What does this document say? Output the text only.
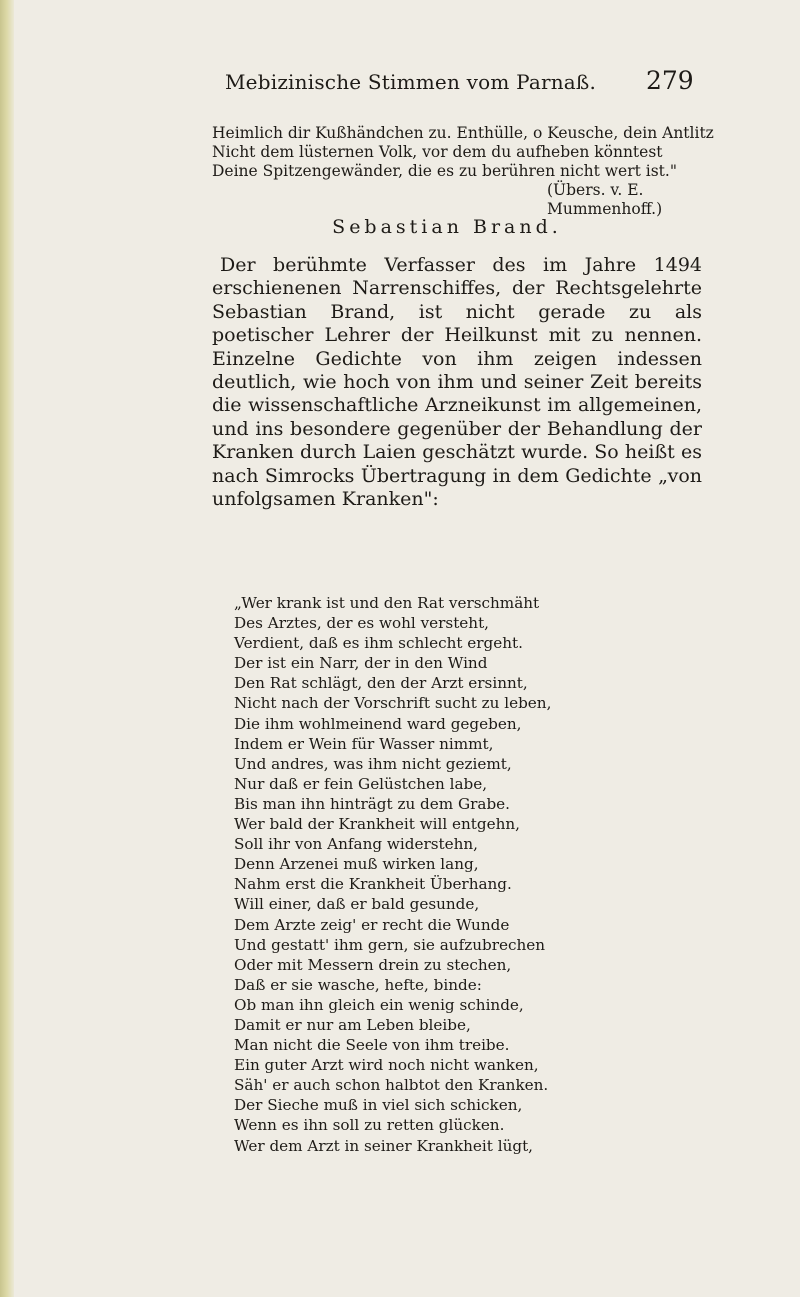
Mebizinische Stimmen vom Parnaß.	279
Heimlich dir Kußhändchen zu. Enthülle, o Keusche, dein Antlitz
Nicht dem lüsternen Volk, vor dem du aufheben könntest
Deine Spitzengewänder, die es zu berühren nicht wert ist."
(Übers. v. E. Mummenhoff.)
Sebastian Brand.
Der berühmte Verfasser des im Jahre 1494 erschienenen Narrenschiffes, der Rechtsgelehrte Sebastian Brand, ist nicht gerade zu als poetischer Lehrer der Heilkunst mit zu nennen. Einzelne Gedichte von ihm zeigen indessen deutlich, wie hoch von ihm und seiner Zeit bereits die wissenschaftliche Arzneikunst im allgemeinen, und ins besondere gegenüber der Behandlung der Kranken durch Laien geschätzt wurde. So heißt es nach Simrocks Übertragung in dem Gedichte „von unfolgsamen Kranken":
„Wer krank ist und den Rat verschmäht
Des Arztes, der es wohl versteht,
Verdient, daß es ihm schlecht ergeht.
Der ist ein Narr, der in den Wind
Den Rat schlägt, den der Arzt ersinnt,
Nicht nach der Vorschrift sucht zu leben,
Die ihm wohlmeinend ward gegeben,
Indem er Wein für Wasser nimmt,
Und andres, was ihm nicht geziemt,
Nur daß er fein Gelüstchen labe,
Bis man ihn hinträgt zu dem Grabe.
Wer bald der Krankheit will entgehn,
Soll ihr von Anfang widerstehn,
Denn Arzenei muß wirken lang,
Nahm erst die Krankheit Überhang.
Will einer, daß er bald gesunde,
Dem Arzte zeig' er recht die Wunde
Und gestatt' ihm gern, sie aufzubrechen
Oder mit Messern drein zu stechen,
Daß er sie wasche, hefte, binde:
Ob man ihn gleich ein wenig schinde,
Damit er nur am Leben bleibe,
Man nicht die Seele von ihm treibe.
Ein guter Arzt wird noch nicht wanken,
Säh' er auch schon halbtot den Kranken.
Der Sieche muß in viel sich schicken,
Wenn es ihn soll zu retten glücken.
Wer dem Arzt in seiner Krankheit lügt,
